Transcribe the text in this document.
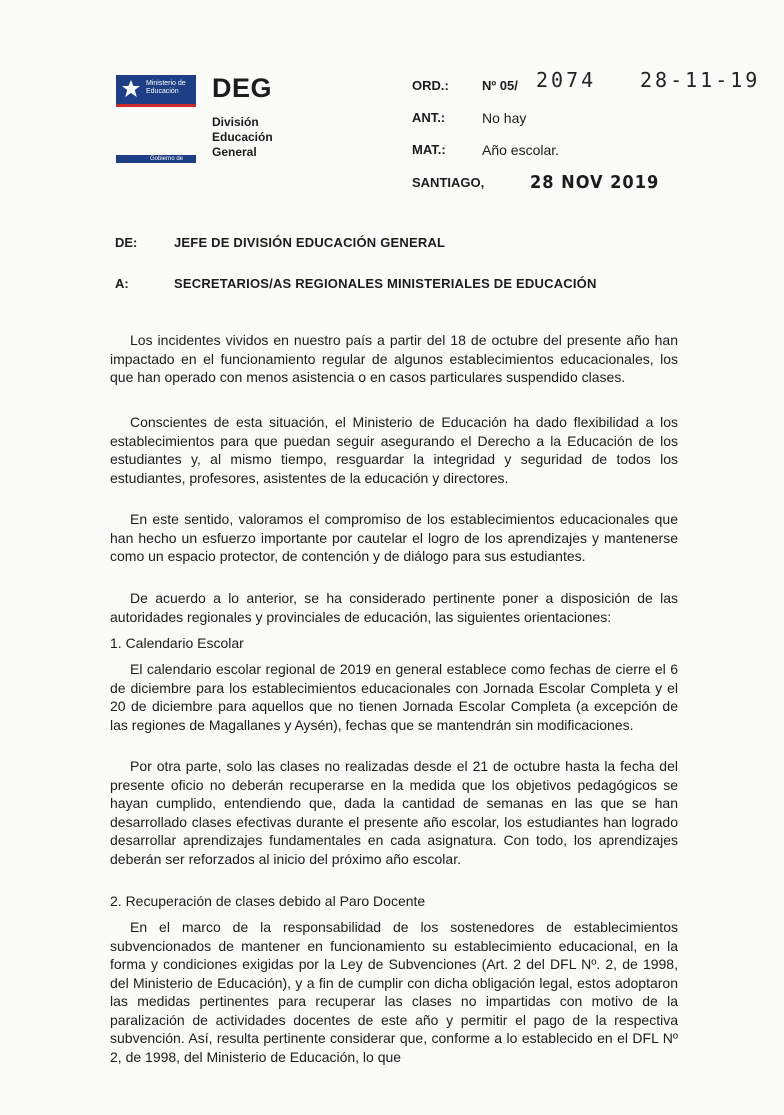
Ministerio de
Educación
Gobierno de Chile
DEG
División
Educación
General
ORD.:	Nº 05/ 2074 28-11-19
ANT.:	No hay
MAT.:	Año escolar.
SANTIAGO,	28 NOV 2019
DE:	JEFE DE DIVISIÓN EDUCACIÓN GENERAL
A:	SECRETARIOS/AS REGIONALES MINISTERIALES DE EDUCACIÓN
Los incidentes vividos en nuestro país a partir del 18 de octubre del presente año han impactado en el funcionamiento regular de algunos establecimientos educacionales, los que han operado con menos asistencia o en casos particulares suspendido clases.
Conscientes de esta situación, el Ministerio de Educación ha dado flexibilidad a los establecimientos para que puedan seguir asegurando el Derecho a la Educación de los estudiantes y, al mismo tiempo, resguardar la integridad y seguridad de todos los estudiantes, profesores, asistentes de la educación y directores.
En este sentido, valoramos el compromiso de los establecimientos educacionales que han hecho un esfuerzo importante por cautelar el logro de los aprendizajes y mantenerse como un espacio protector, de contención y de diálogo para sus estudiantes.
De acuerdo a lo anterior, se ha considerado pertinente poner a disposición de las autoridades regionales y provinciales de educación, las siguientes orientaciones:
1. Calendario Escolar
El calendario escolar regional de 2019 en general establece como fechas de cierre el 6 de diciembre para los establecimientos educacionales con Jornada Escolar Completa y el 20 de diciembre para aquellos que no tienen Jornada Escolar Completa (a excepción de las regiones de Magallanes y Aysén), fechas que se mantendrán sin modificaciones.
Por otra parte, solo las clases no realizadas desde el 21 de octubre hasta la fecha del presente oficio no deberán recuperarse en la medida que los objetivos pedagógicos se hayan cumplido, entendiendo que, dada la cantidad de semanas en las que se han desarrollado clases efectivas durante el presente año escolar, los estudiantes han logrado desarrollar aprendizajes fundamentales en cada asignatura. Con todo, los aprendizajes deberán ser reforzados al inicio del próximo año escolar.
2. Recuperación de clases debido al Paro Docente
En el marco de la responsabilidad de los sostenedores de establecimientos subvencionados de mantener en funcionamiento su establecimiento educacional, en la forma y condiciones exigidas por la Ley de Subvenciones (Art. 2 del DFL Nº. 2, de 1998, del Ministerio de Educación), y a fin de cumplir con dicha obligación legal, estos adoptaron las medidas pertinentes para recuperar las clases no impartidas con motivo de la paralización de actividades docentes de este año y permitir el pago de la respectiva subvención. Así, resulta pertinente considerar que, conforme a lo establecido en el DFL Nº 2, de 1998, del Ministerio de Educación, lo que
